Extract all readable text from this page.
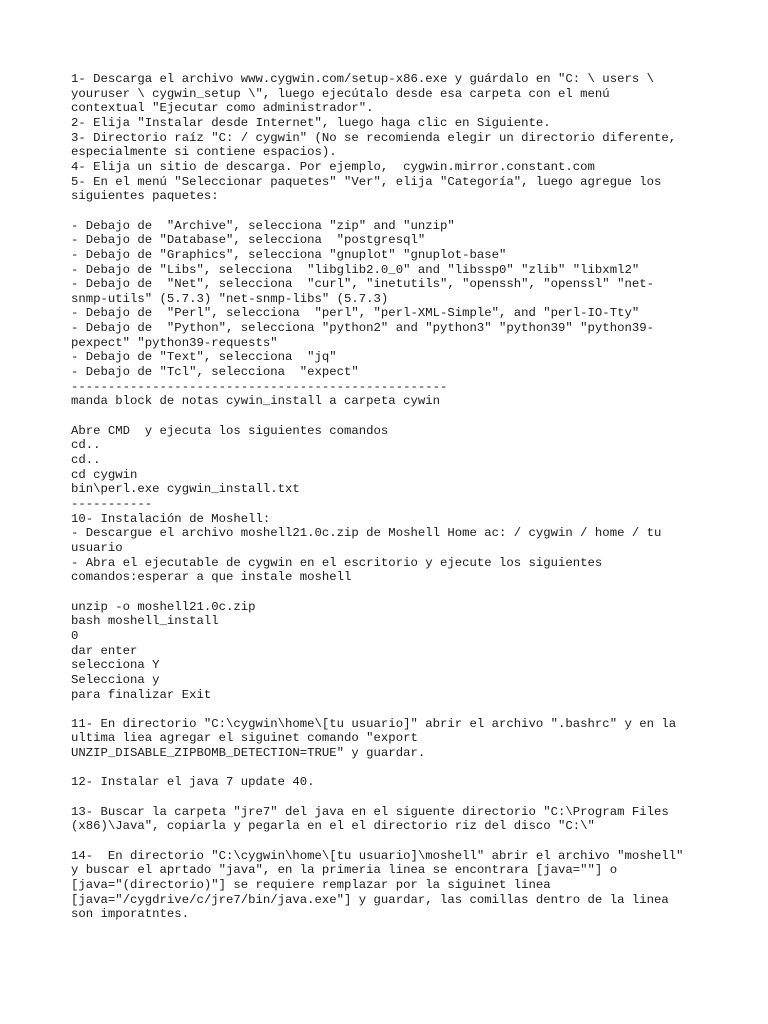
1- Descarga el archivo www.cygwin.com/setup-x86.exe y guárdalo en "C: \ users \
youruser \ cygwin_setup \", luego ejecútalo desde esa carpeta con el menú
contextual "Ejecutar como administrador".
2- Elija "Instalar desde Internet", luego haga clic en Siguiente.
3- Directorio raíz "C: / cygwin" (No se recomienda elegir un directorio diferente,
especialmente si contiene espacios).
4- Elija un sitio de descarga. Por ejemplo,  cygwin.mirror.constant.com
5- En el menú "Seleccionar paquetes" "Ver", elija "Categoría", luego agregue los
siguientes paquetes:
- Debajo de  "Archive", selecciona "zip" and "unzip"
- Debajo de "Database", selecciona  "postgresql"
- Debajo de "Graphics", selecciona "gnuplot" "gnuplot-base"
- Debajo de "Libs", selecciona  "libglib2.0_0" and "libssp0" "zlib" "libxml2"
- Debajo de  "Net", selecciona  "curl", "inetutils", "openssh", "openssl" "net-
snmp-utils" (5.7.3) "net-snmp-libs" (5.7.3)
- Debajo de  "Perl", selecciona  "perl", "perl-XML-Simple", and "perl-IO-Tty"
- Debajo de  "Python", selecciona "python2" and "python3" "python39" "python39-
pexpect" "python39-requests"
- Debajo de "Text", selecciona  "jq"
- Debajo de "Tcl", selecciona  "expect"
---------------------------------------------------
manda block de notas cywin_install a carpeta cywin
Abre CMD  y ejecuta los siguientes comandos
cd..
cd..
cd cygwin
bin\perl.exe cygwin_install.txt
-----------
10- Instalación de Moshell:
- Descargue el archivo moshell21.0c.zip de Moshell Home ac: / cygwin / home / tu
usuario
- Abra el ejecutable de cygwin en el escritorio y ejecute los siguientes
comandos:esperar a que instale moshell
unzip -o moshell21.0c.zip
bash moshell_install
0
dar enter
selecciona Y
Selecciona y
para finalizar Exit
11- En directorio "C:\cygwin\home\[tu usuario]" abrir el archivo ".bashrc" y en la
ultima liea agregar el siguinet comando "export
UNZIP_DISABLE_ZIPBOMB_DETECTION=TRUE" y guardar.
12- Instalar el java 7 update 40.
13- Buscar la carpeta "jre7" del java en el siguente directorio "C:\Program Files
(x86)\Java", copiarla y pegarla en el el directorio riz del disco "C:\"
14-  En directorio "C:\cygwin\home\[tu usuario]\moshell" abrir el archivo "moshell"
y buscar el aprtado "java", en la primeria linea se encontrara [java=""] o
[java="(directorio)"] se requiere remplazar por la siguinet linea
[java="/cygdrive/c/jre7/bin/java.exe"] y guardar, las comillas dentro de la linea
son imporatntes.
